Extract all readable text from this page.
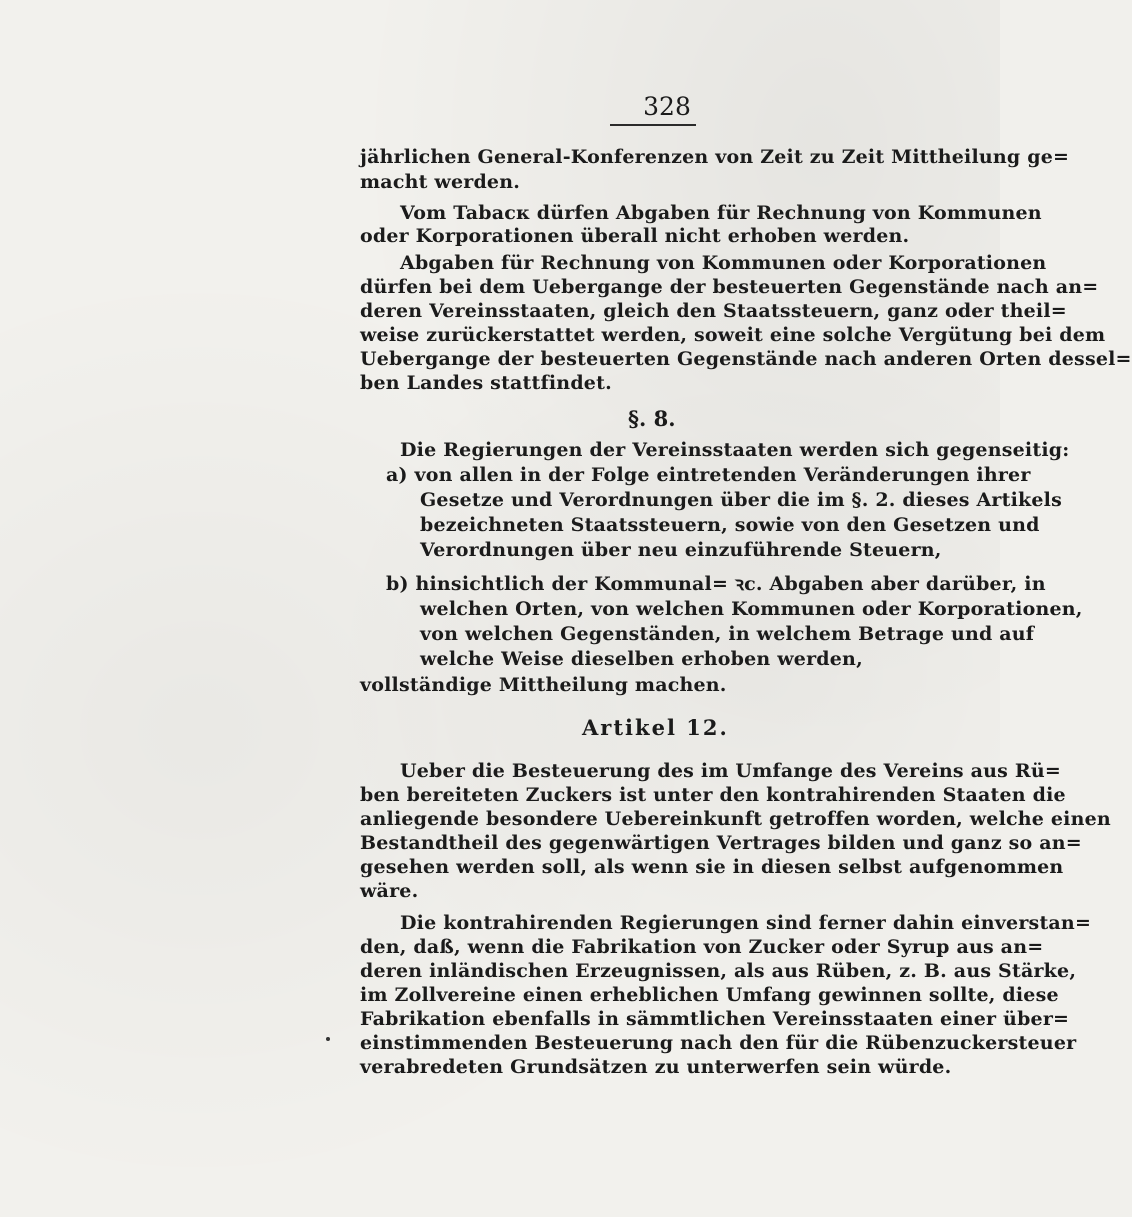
328
jährlichen General-Konferenzen von Zeit zu Zeit Mittheilung ge=
macht werden.
Vom Tabacк dürfen Abgaben für Rechnung von Kommunen
oder Korporationen überall nicht erhoben werden.
Abgaben für Rechnung von Kommunen oder Korporationen
dürfen bei dem Uebergange der besteuerten Gegenstände nach an=
deren Vereinsstaaten, gleich den Staatssteuern, ganz oder theil=
weise zurückerstattet werden, soweit eine solche Vergütung bei dem
Uebergange der besteuerten Gegenstände nach anderen Orten dessel=
ben Landes stattfindet.
§. 8.
Die Regierungen der Vereinsstaaten werden sich gegenseitig:
a) von allen in der Folge eintretenden Veränderungen ihrer
Gesetze und Verordnungen über die im §. 2. dieses Artikels
bezeichneten Staatssteuern, sowie von den Gesetzen und
Verordnungen über neu einzuführende Steuern,
b) hinsichtlich der Kommunal= ꝛc. Abgaben aber darüber, in
welchen Orten, von welchen Kommunen oder Korporationen,
von welchen Gegenständen, in welchem Betrage und auf
welche Weise dieselben erhoben werden,
vollständige Mittheilung machen.
Artikel 12.
Ueber die Besteuerung des im Umfange des Vereins aus Rü=
ben bereiteten Zuckers ist unter den kontrahirenden Staaten die
anliegende besondere Uebereinkunft getroffen worden, welche einen
Bestandtheil des gegenwärtigen Vertrages bilden und ganz so an=
gesehen werden soll, als wenn sie in diesen selbst aufgenommen
wäre.
Die kontrahirenden Regierungen sind ferner dahin einverstan=
den, daß, wenn die Fabrikation von Zucker oder Syrup aus an=
deren inländischen Erzeugnissen, als aus Rüben, z. B. aus Stärke,
im Zollvereine einen erheblichen Umfang gewinnen sollte, diese
Fabrikation ebenfalls in sämmtlichen Vereinsstaaten einer über=
einstimmenden Besteuerung nach den für die Rübenzuckersteuer
verabredeten Grundsätzen zu unterwerfen sein würde.
